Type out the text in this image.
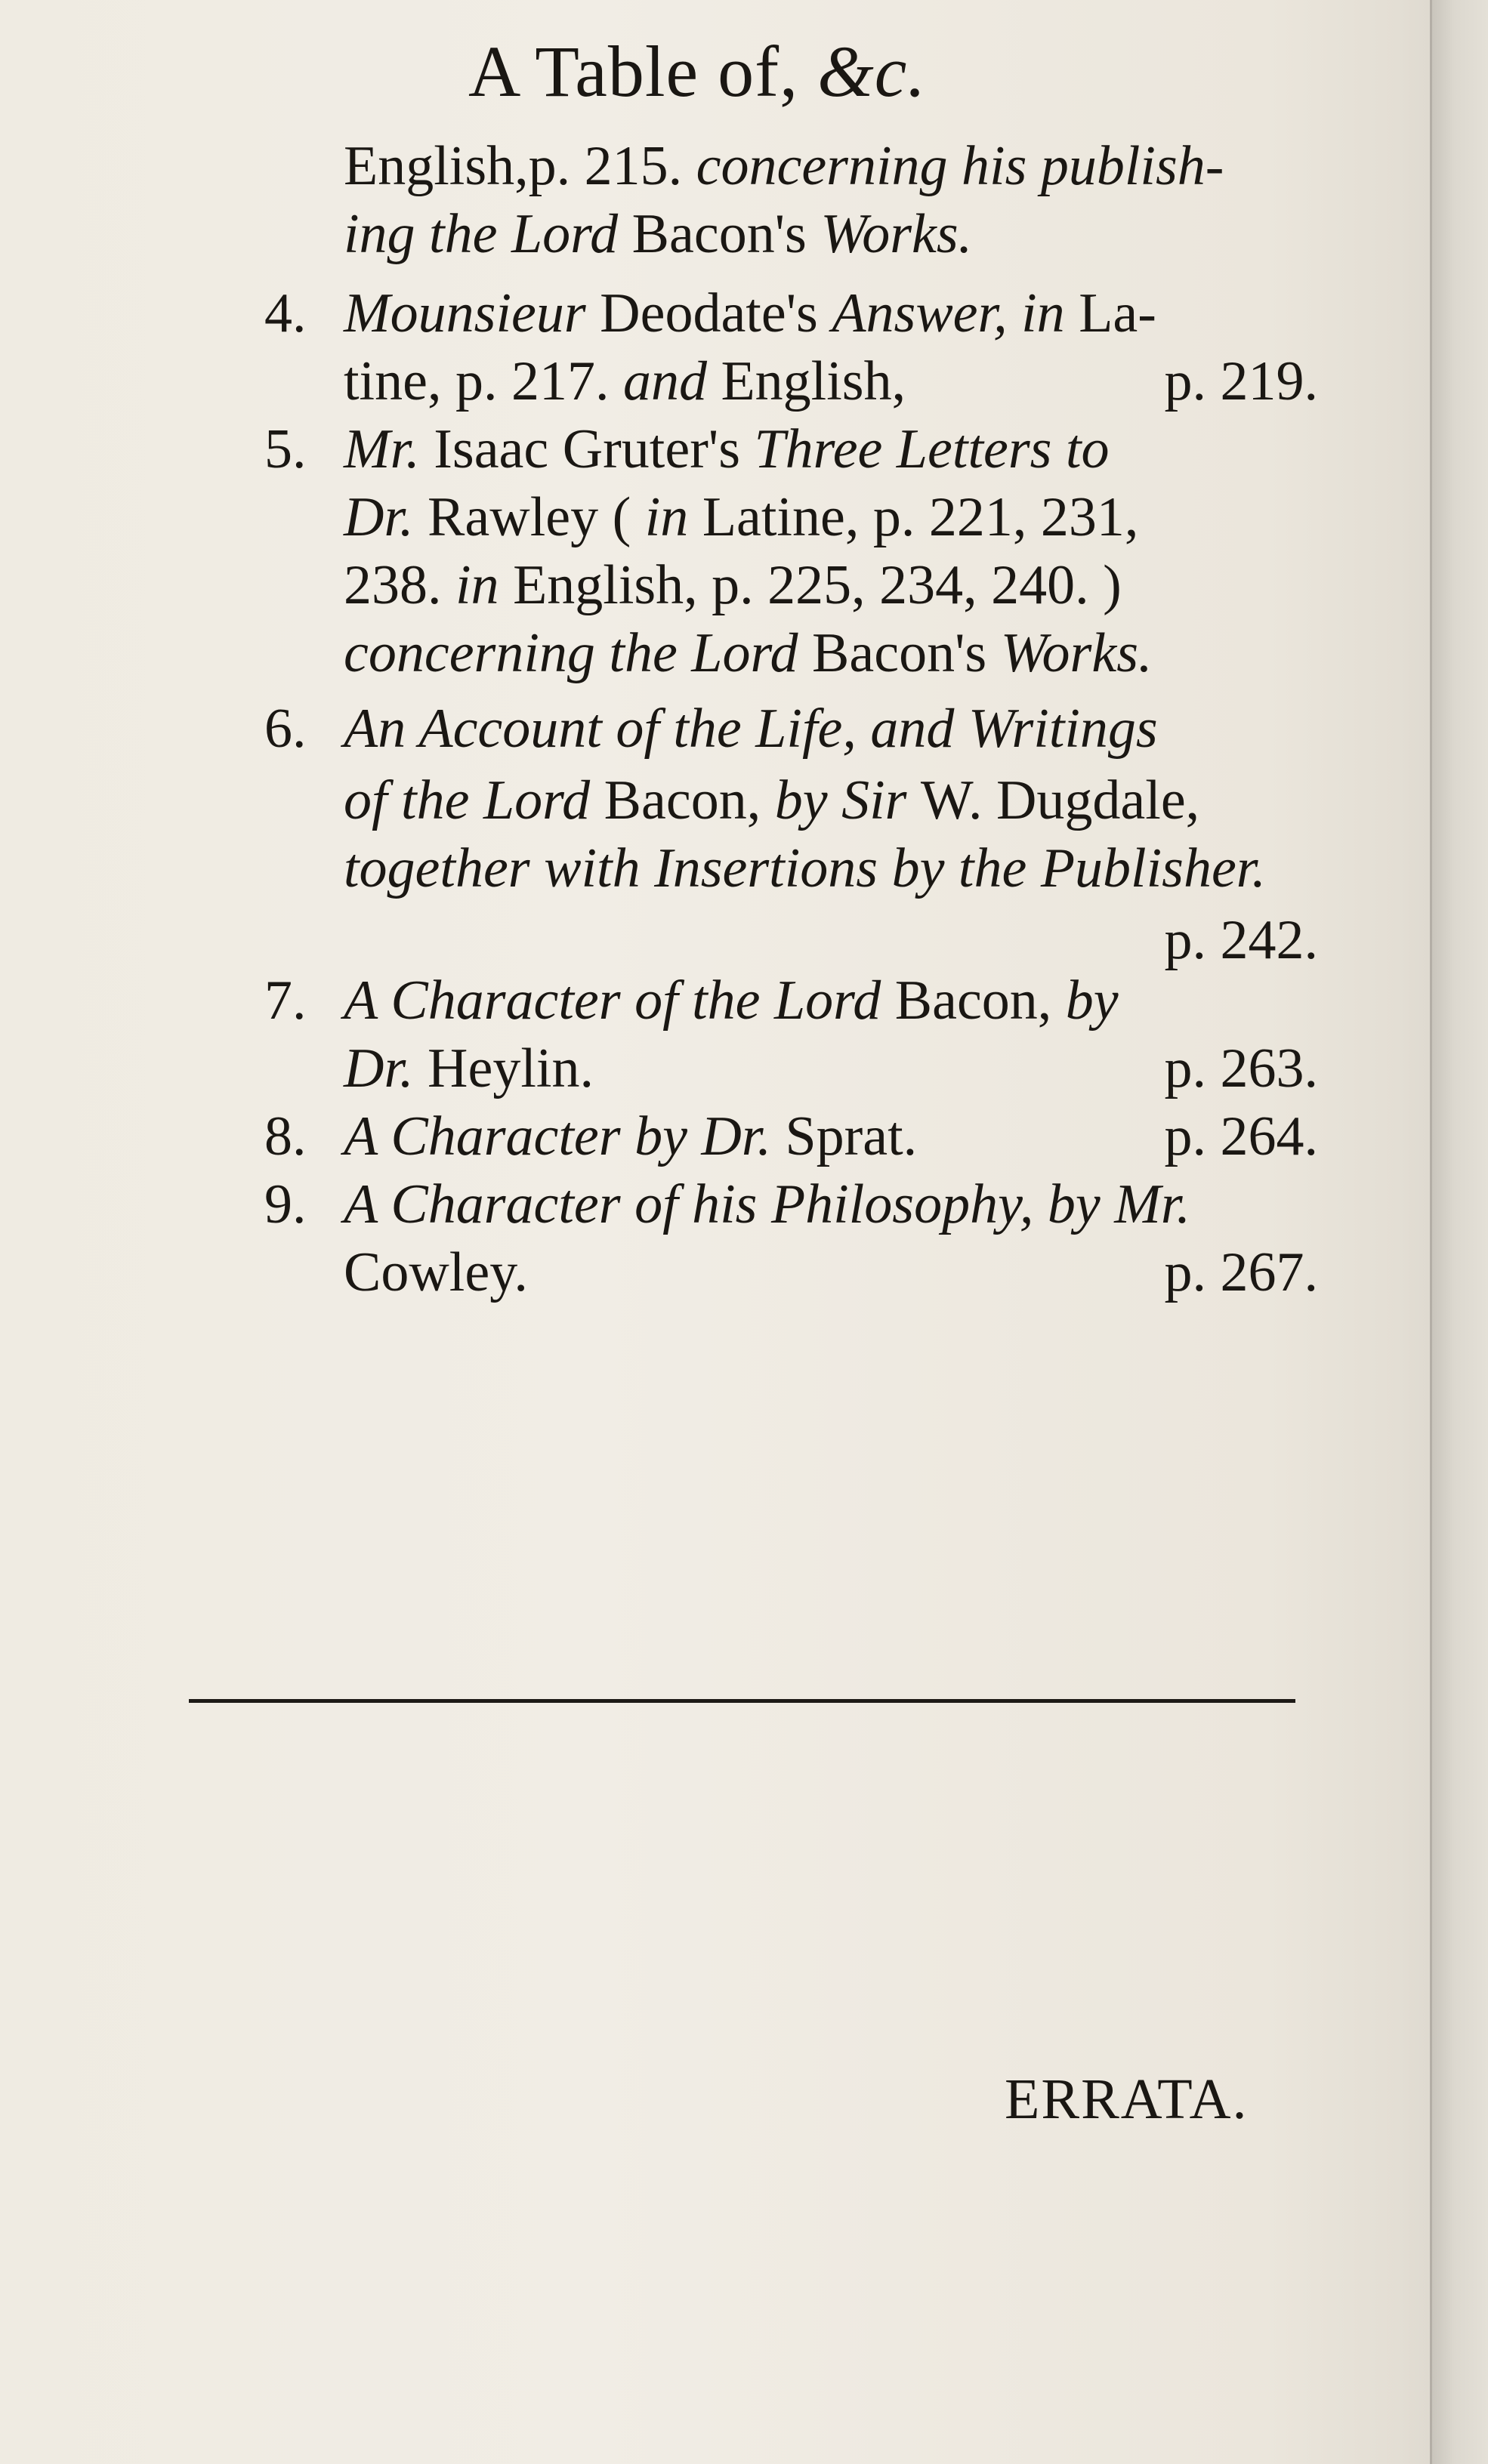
A Table of, &c.
English,p. 215. concerning his publish-
ing the Lord Bacon's Works.
4. Mounsieur Deodate's Answer, in La-
tine, p. 217. and English,	p. 219.
5. Mr. Isaac Gruter's Three Letters to
Dr. Rawley ( in Latine, p. 221, 231,
238. in English, p. 225, 234, 240. )
concerning the Lord Bacon's Works.
6. An Account of the Life, and Writings
of the Lord Bacon, by Sir W. Dugdale,
together with Insertions by the Publisher.
p. 242.
7. A Character of the Lord Bacon, by
Dr. Heylin.	p. 263.
8. A Character by Dr. Sprat.	p. 264.
9. A Character of his Philosophy, by Mr.
Cowley.	p. 267.
ERRATA.
